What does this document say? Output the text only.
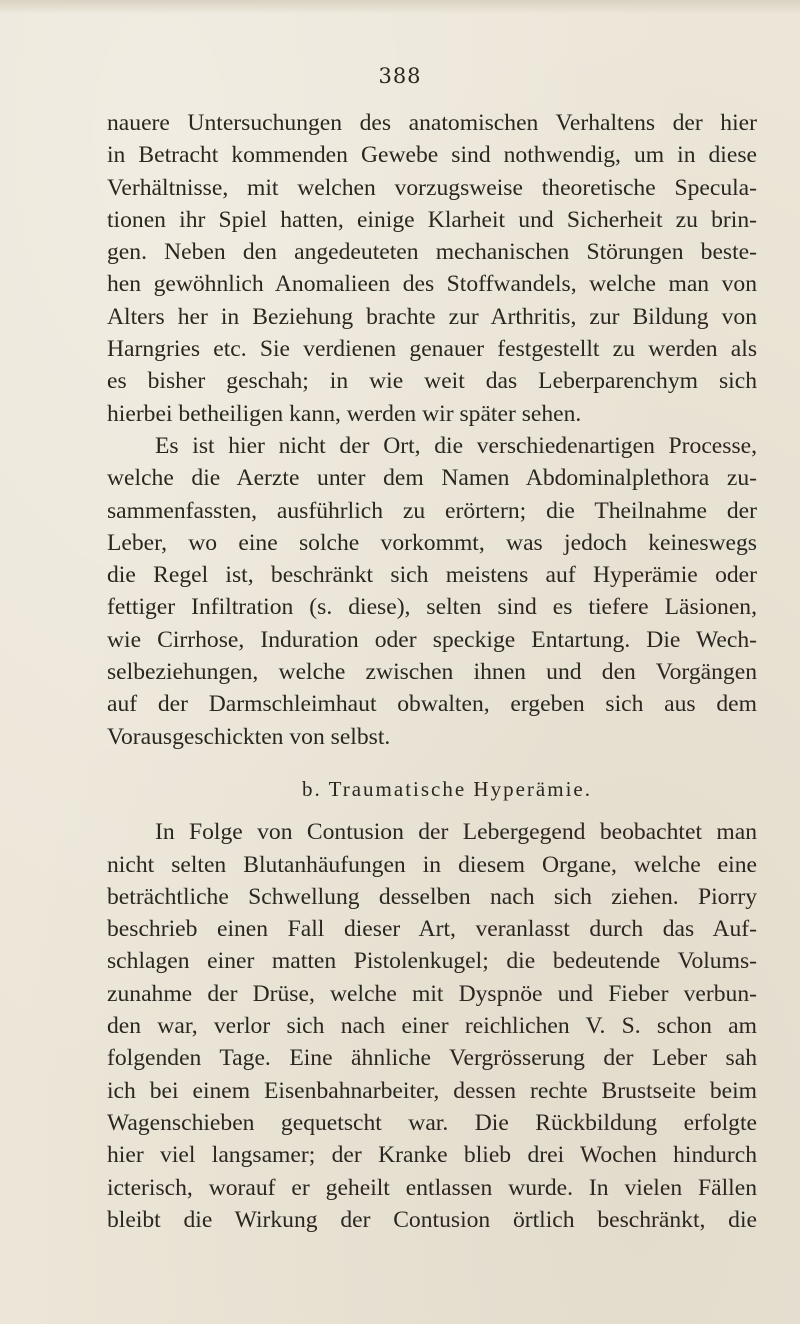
388
nauere Untersuchungen des anatomischen Verhaltens der hier
in Betracht kommenden Gewebe sind nothwendig, um in diese
Verhältnisse, mit welchen vorzugsweise theoretische Specula-
tionen ihr Spiel hatten, einige Klarheit und Sicherheit zu brin-
gen. Neben den angedeuteten mechanischen Störungen beste-
hen gewöhnlich Anomalieen des Stoffwandels, welche man von
Alters her in Beziehung brachte zur Arthritis, zur Bildung von
Harngries etc. Sie verdienen genauer festgestellt zu werden als
es bisher geschah; in wie weit das Leberparenchym sich
hierbei betheiligen kann, werden wir später sehen.
Es ist hier nicht der Ort, die verschiedenartigen Processe,
welche die Aerzte unter dem Namen Abdominalplethora zu-
sammenfassten, ausführlich zu erörtern; die Theilnahme der
Leber, wo eine solche vorkommt, was jedoch keineswegs
die Regel ist, beschränkt sich meistens auf Hyperämie oder
fettiger Infiltration (s. diese), selten sind es tiefere Läsionen,
wie Cirrhose, Induration oder speckige Entartung. Die Wech-
selbeziehungen, welche zwischen ihnen und den Vorgängen
auf der Darmschleimhaut obwalten, ergeben sich aus dem
Vorausgeschickten von selbst.
b. Traumatische Hyperämie.
In Folge von Contusion der Lebergegend beobachtet man
nicht selten Blutanhäufungen in diesem Organe, welche eine
beträchtliche Schwellung desselben nach sich ziehen. Piorry
beschrieb einen Fall dieser Art, veranlasst durch das Auf-
schlagen einer matten Pistolenkugel; die bedeutende Volums-
zunahme der Drüse, welche mit Dyspnöe und Fieber verbun-
den war, verlor sich nach einer reichlichen V. S. schon am
folgenden Tage. Eine ähnliche Vergrösserung der Leber sah
ich bei einem Eisenbahnarbeiter, dessen rechte Brustseite beim
Wagenschieben gequetscht war. Die Rückbildung erfolgte
hier viel langsamer; der Kranke blieb drei Wochen hindurch
icterisch, worauf er geheilt entlassen wurde. In vielen Fällen
bleibt die Wirkung der Contusion örtlich beschränkt, die
